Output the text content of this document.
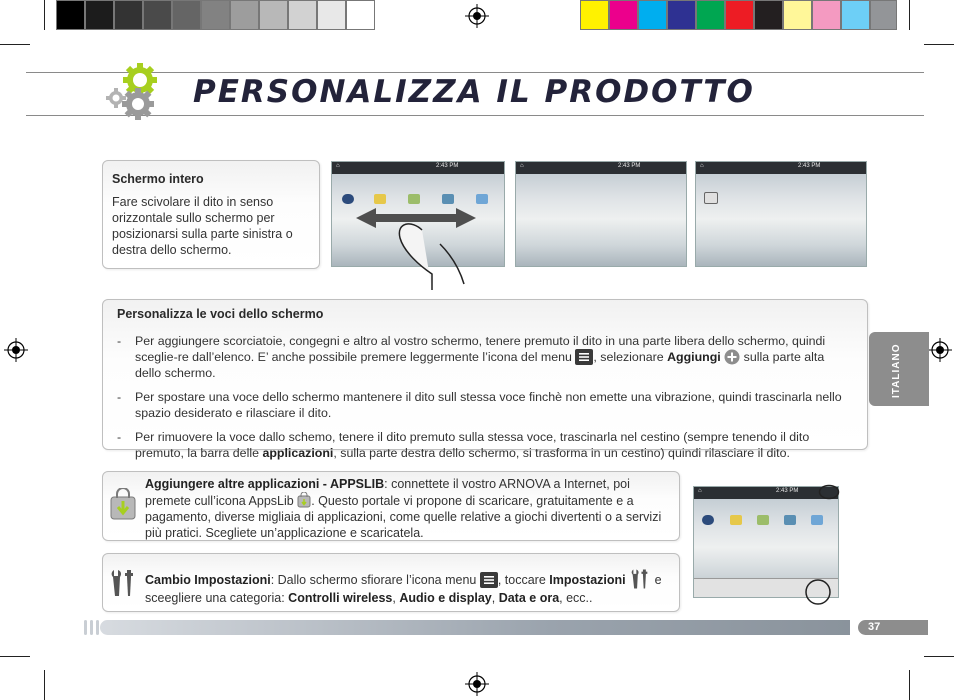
PERSONALIZZA IL PRODOTTO
Schermo intero
Fare scivolare il dito in senso orizzontale sullo schermo per posizionarsi sulla parte sinistra o destra dello schermo.
⌂	2:43 PM	⌂	2:43 PM	⌂	2:43 PM
Personalizza le voci dello schermo
- Per aggiungere scorciatoie, congegni e altro al vostro schermo, tenere premuto il dito in una parte libera dello schermo, quindi sceglie-re dall’elenco. E’ anche possibile premere leggermente l’icona del menu , selezionare Aggiungi sulla parte alta dello schermo.
- Per spostare una voce dello schermo mantenere il dito sull stessa voce finchè non emette una vibrazione, quindi trascinarla nello spazio desiderato e rilasciare il dito.
- Per rimuovere la voce dallo schemo, tenere il dito premuto sulla stessa voce, trascinarla nel cestino (sempre tenendo il dito premuto, la barra delle applicazioni, sulla parte destra dello schermo, si trasforma in un cestino) quindi rilasciare il dito.
ITALIANO
Aggiungere altre applicazioni - APPSLIB: connettete il vostro ARNOVA a Internet, poi premete cull’icona AppsLib . Questo portale vi propone di scaricare, gratuitamente e a pagamento, diverse migliaia di applicazioni, come quelle relative a giochi divertenti o a servizi più pratici. Scegliete un’applicazione e scaricatela.
Cambio Impostazioni: Dallo schermo sfiorare l’icona menu , toccare Impostazioni e sceegliere una categoria: Controlli wireless, Audio e display, Data e ora, ecc..
⌂	2:43 PM
37
